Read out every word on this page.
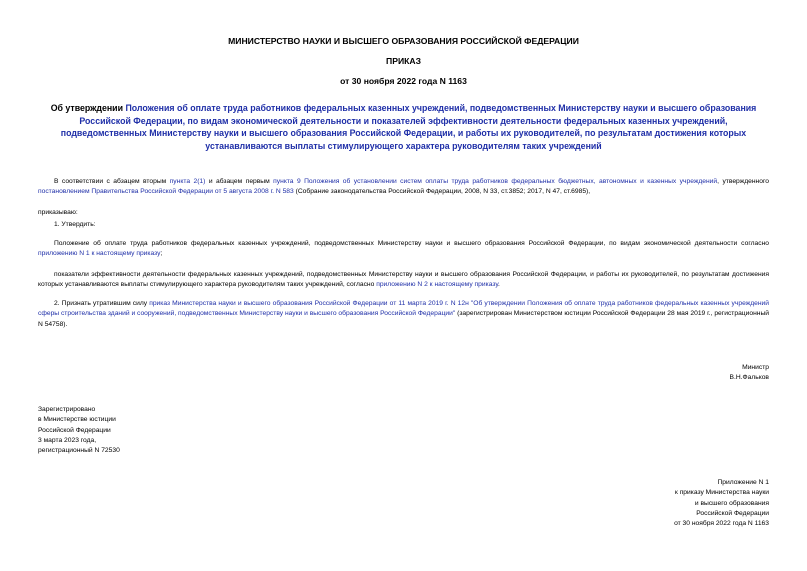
МИНИСТЕРСТВО НАУКИ И ВЫСШЕГО ОБРАЗОВАНИЯ РОССИЙСКОЙ ФЕДЕРАЦИИ
ПРИКАЗ
от 30 ноября 2022 года N 1163
Об утверждении Положения об оплате труда работников федеральных казенных учреждений, подведомственных Министерству науки и высшего образования Российской Федерации, по видам экономической деятельности и показателей эффективности деятельности федеральных казенных учреждений, подведомственных Министерству науки и высшего образования Российской Федерации, и работы их руководителей, по результатам достижения которых устанавливаются выплаты стимулирующего характера руководителям таких учреждений
В соответствии с абзацем вторым пункта 2(1) и абзацем первым пункта 9 Положения об установлении систем оплаты труда работников федеральных бюджетных, автономных и казенных учреждений, утвержденного постановлением Правительства Российской Федерации от 5 августа 2008 г. N 583 (Собрание законодательства Российской Федерации, 2008, N 33, ст.3852; 2017, N 47, ст.6985),
приказываю:
1. Утвердить:
Положение об оплате труда работников федеральных казенных учреждений, подведомственных Министерству науки и высшего образования Российской Федерации, по видам экономической деятельности согласно приложению N 1 к настоящему приказу;
показатели эффективности деятельности федеральных казенных учреждений, подведомственных Министерству науки и высшего образования Российской Федерации, и работы их руководителей, по результатам достижения которых устанавливаются выплаты стимулирующего характера руководителям таких учреждений, согласно приложению N 2 к настоящему приказу.
2. Признать утратившим силу приказ Министерства науки и высшего образования Российской Федерации от 11 марта 2019 г. N 12н "Об утверждении Положения об оплате труда работников федеральных казенных учреждений сферы строительства зданий и сооружений, подведомственных Министерству науки и высшего образования Российской Федерации" (зарегистрирован Министерством юстиции Российской Федерации 28 мая 2019 г., регистрационный N 54758).
Министр
В.Н.Фальков
Зарегистрировано
в Министерстве юстиции
Российской Федерации
3 марта 2023 года,
регистрационный N 72530
Приложение N 1
к приказу Министерства науки
и высшего образования
Российской Федерации
от 30 ноября 2022 года N 1163
